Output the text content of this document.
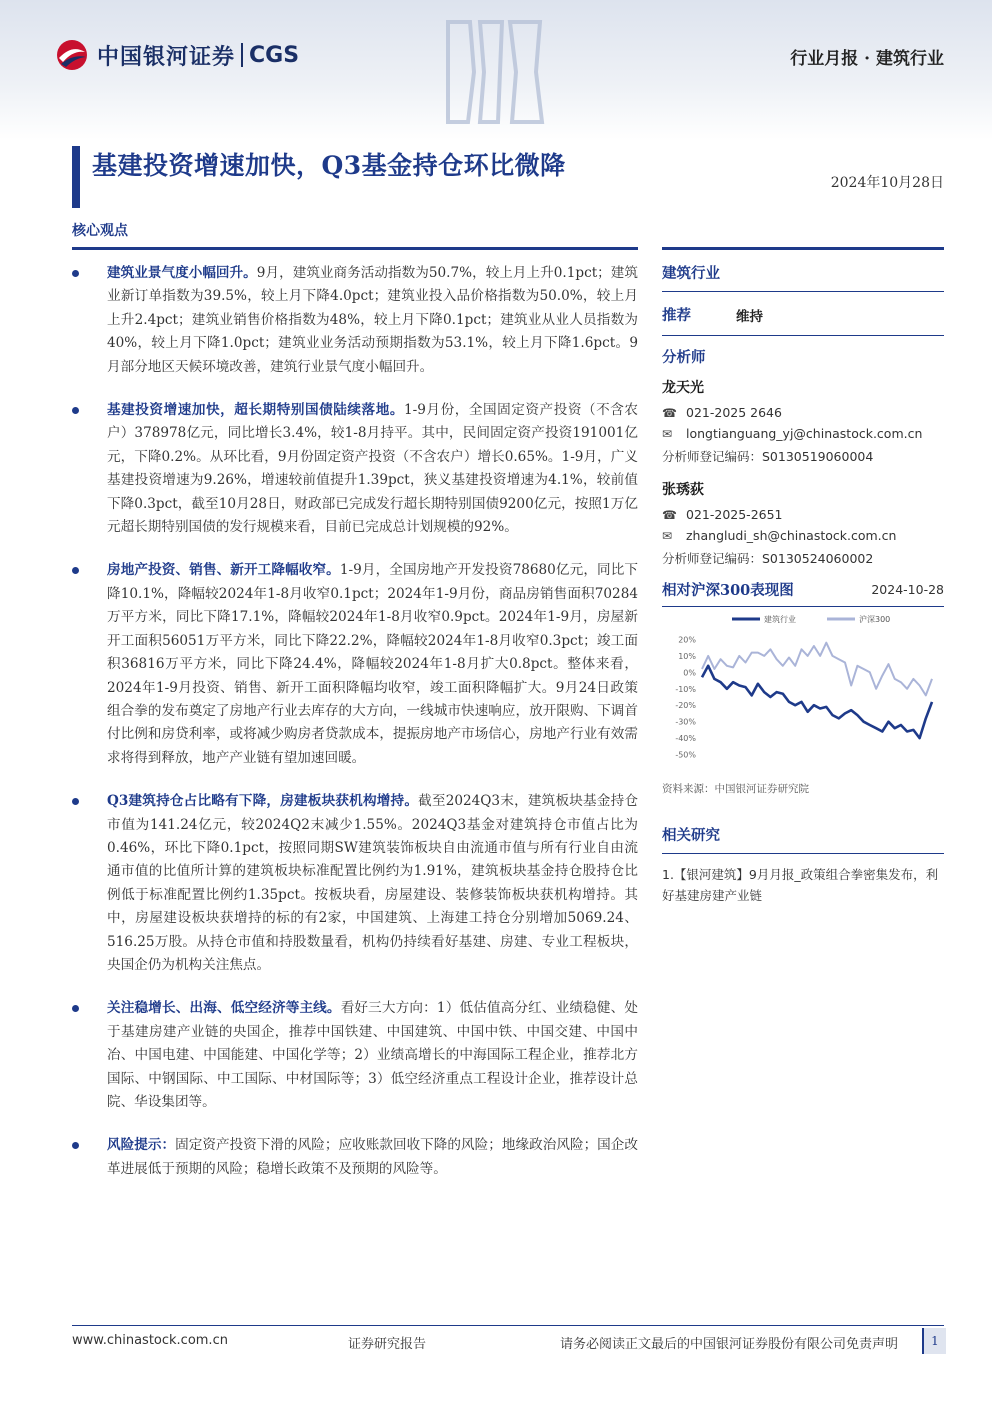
中国银河证券 CGS	行业月报 · 建筑行业
基建投资增速加快，Q3基金持仓环比微降
2024年10月28日
核心观点
建筑业景气度小幅回升。9月，建筑业商务活动指数为50.7%，较上月上升0.1pct；建筑业新订单指数为39.5%，较上月下降4.0pct；建筑业投入品价格指数为50.0%，较上月上升2.4pct；建筑业销售价格指数为48%，较上月下降0.1pct；建筑业从业人员指数为40%，较上月下降1.0pct；建筑业业务活动预期指数为53.1%，较上月下降1.6pct。9月部分地区天候环境改善，建筑行业景气度小幅回升。
基建投资增速加快，超长期特别国债陆续落地。1-9月份，全国固定资产投资（不含农户）378978亿元，同比增长3.4%，较1-8月持平。其中，民间固定资产投资191001亿元，下降0.2%。从环比看，9月份固定资产投资（不含农户）增长0.65%。1-9月，广义基建投资增速为9.26%，增速较前值提升1.39pct，狭义基建投资增速为4.1%，较前值下降0.3pct，截至10月28日，财政部已完成发行超长期特别国债9200亿元，按照1万亿元超长期特别国债的发行规模来看，目前已完成总计划规模的92%。
房地产投资、销售、新开工降幅收窄。1-9月，全国房地产开发投资78680亿元，同比下降10.1%，降幅较2024年1-8月收窄0.1pct；2024年1-9月份，商品房销售面积70284万平方米，同比下降17.1%，降幅较2024年1-8月收窄0.9pct。2024年1-9月，房屋新开工面积56051万平方米，同比下降22.2%，降幅较2024年1-8月收窄0.3pct；竣工面积36816万平方米，同比下降24.4%，降幅较2024年1-8月扩大0.8pct。整体来看，2024年1-9月投资、销售、新开工面积降幅均收窄，竣工面积降幅扩大。9月24日政策组合拳的发布奠定了房地产行业去库存的大方向，一线城市快速响应，放开限购、下调首付比例和房贷利率，或将减少购房者贷款成本，提振房地产市场信心，房地产行业有效需求将得到释放，地产产业链有望加速回暖。
Q3建筑持仓占比略有下降，房建板块获机构增持。截至2024Q3末，建筑板块基金持仓市值为141.24亿元，较2024Q2末减少1.55%。2024Q3基金对建筑持仓市值占比为0.46%，环比下降0.1pct，按照同期SW建筑装饰板块自由流通市值与所有行业自由流通市值的比值所计算的建筑板块标准配置比例约为1.91%，建筑板块基金持仓股持仓比例低于标准配置比例约1.35pct。按板块看，房屋建设、装修装饰板块获机构增持。其中，房屋建设板块获增持的标的有2家，中国建筑、上海建工持仓分别增加5069.24、516.25万股。从持仓市值和持股数量看，机构仍持续看好基建、房建、专业工程板块，央国企仍为机构关注焦点。
关注稳增长、出海、低空经济等主线。看好三大方向：1）低估值高分红、业绩稳健、处于基建房建产业链的央国企，推荐中国铁建、中国建筑、中国中铁、中国交建、中国中冶、中国电建、中国能建、中国化学等；2）业绩高增长的中海国际工程企业，推荐北方国际、中钢国际、中工国际、中材国际等；3）低空经济重点工程设计企业，推荐设计总院、华设集团等。
风险提示：固定资产投资下滑的风险；应收账款回收下降的风险；地缘政治风险；国企改革进展低于预期的风险；稳增长政策不及预期的风险等。
建筑行业
推荐	维持
分析师
龙天光
☎ 021-2025 2646
✉	longtianguang_yj@chinastock.com.cn
分析师登记编码：S0130519060004
张琇荻
☎ 021-2025-2651
✉	zhangludi_sh@chinastock.com.cn
分析师登记编码：S0130524060002
相对沪深300表现图	2024-10-28
20%
10%
0%
-10%
-20%
-30%
-40%
-50%
建筑行业	沪深300
资料来源：中国银河证券研究院
相关研究
1.【银河建筑】9月月报_政策组合拳密集发布，利好基建房建产业链
www.chinastock.com.cn	证券研究报告	请务必阅读正文最后的中国银河证券股份有限公司免责声明	1
